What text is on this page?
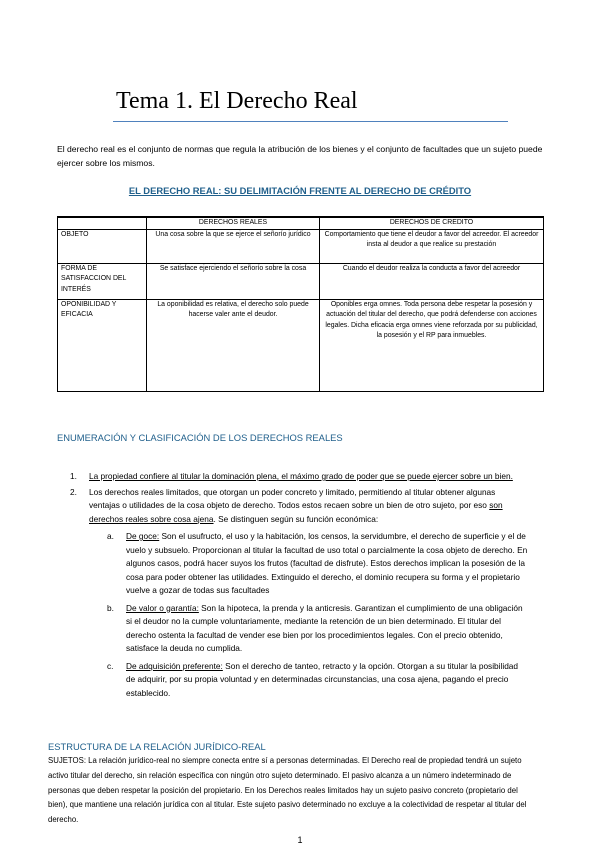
Tema 1. El Derecho Real
El derecho real es el conjunto de normas que regula la atribución de los bienes y el conjunto de facultades que un sujeto puede ejercer sobre los mismos.
EL DERECHO REAL: SU DELIMITACIÓN FRENTE AL DERECHO DE CRÉDITO
	DERECHOS REALES	DERECHOS DE CREDITO
OBJETO	Una cosa sobre la que se ejerce el señorío jurídico	Comportamiento que tiene el deudor a favor del acreedor. El acreedor insta al deudor a que realice su prestación
FORMA DE SATISFACCION DEL INTERÉS	Se satisface ejerciendo el señorío sobre la cosa	Cuando el deudor realiza la conducta a favor del acreedor
OPONIBILIDAD Y EFICACIA	La oponibilidad es relativa, el derecho solo puede hacerse valer ante el deudor.	Oponibles erga omnes. Toda persona debe respetar la posesión y actuación del titular del derecho, que podrá defenderse con acciones legales. Dicha eficacia erga omnes viene reforzada por su publicidad, la posesión y el RP para inmuebles.
ENUMERACIÓN Y CLASIFICACIÓN DE LOS DERECHOS REALES
1. La propiedad confiere al titular la dominación plena, el máximo grado de poder que se puede ejercer sobre un bien.
2. Los derechos reales limitados, que otorgan un poder concreto y limitado, permitiendo al titular obtener algunas ventajas o utilidades de la cosa objeto de derecho. Todos estos recaen sobre un bien de otro sujeto, por eso son derechos reales sobre cosa ajena. Se distinguen según su función económica:
a. De goce: Son el usufructo, el uso y la habitación, los censos, la servidumbre, el derecho de superficie y el de vuelo y subsuelo. Proporcionan al titular la facultad de uso total o parcialmente la cosa objeto de derecho. En algunos casos, podrá hacer suyos los frutos (facultad de disfrute). Estos derechos implican la posesión de la cosa para poder obtener las utilidades. Extinguido el derecho, el dominio recupera su forma y el propietario vuelve a gozar de todas sus facultades
b. De valor o garantía: Son la hipoteca, la prenda y la anticresis. Garantizan el cumplimiento de una obligación si el deudor no la cumple voluntariamente, mediante la retención de un bien determinado. El titular del derecho ostenta la facultad de vender ese bien por los procedimientos legales. Con el precio obtenido, satisface la deuda no cumplida.
c. De adquisición preferente: Son el derecho de tanteo, retracto y la opción. Otorgan a su titular la posibilidad de adquirir, por su propia voluntad y en determinadas circunstancias, una cosa ajena, pagando el precio establecido.
ESTRUCTURA DE LA RELACIÓN JURÍDICO-REAL
SUJETOS: La relación jurídico-real no siempre conecta entre sí a personas determinadas. El Derecho real de propiedad tendrá un sujeto activo titular del derecho, sin relación específica con ningún otro sujeto determinado. El pasivo alcanza a un número indeterminado de personas que deben respetar la posición del propietario. En los Derechos reales limitados hay un sujeto pasivo concreto (propietario del bien), que mantiene una relación jurídica con al titular. Este sujeto pasivo determinado no excluye a la colectividad de respetar al titular del derecho.
1
